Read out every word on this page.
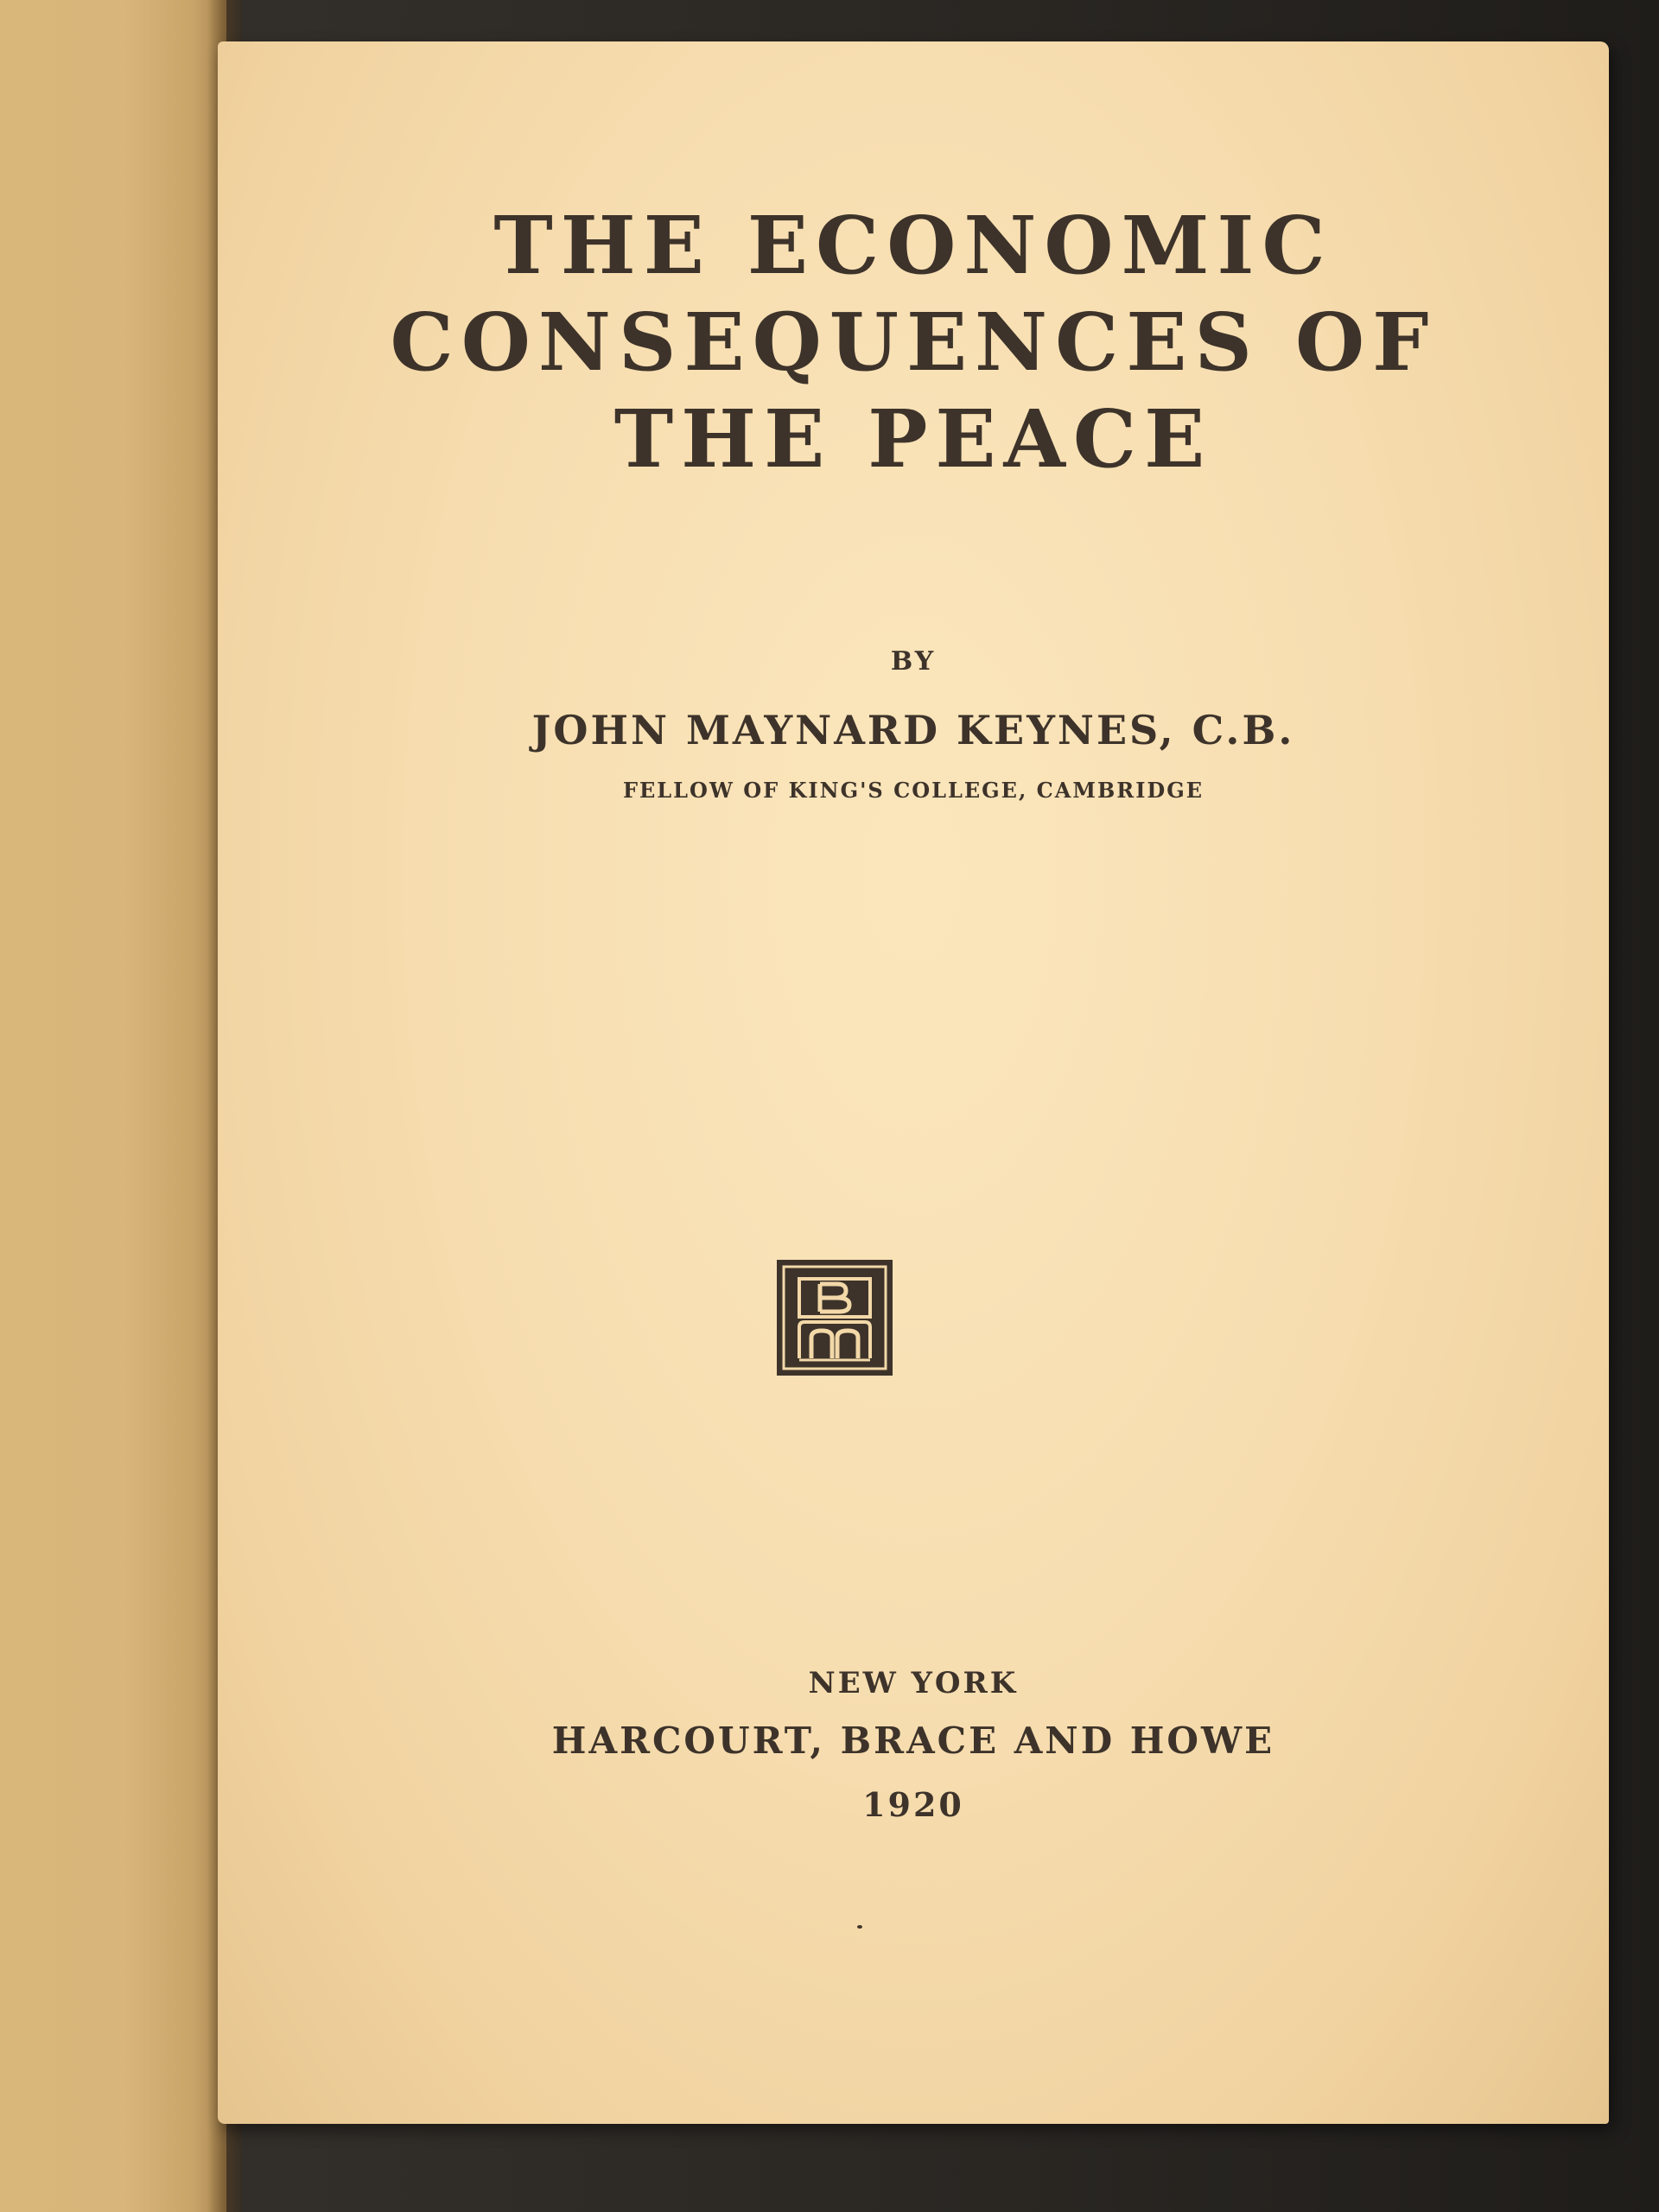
THE ECONOMIC
CONSEQUENCES OF
THE PEACE
BY
JOHN MAYNARD KEYNES, C.B.
FELLOW OF KING'S COLLEGE, CAMBRIDGE
NEW YORK
HARCOURT, BRACE AND HOWE
1920
